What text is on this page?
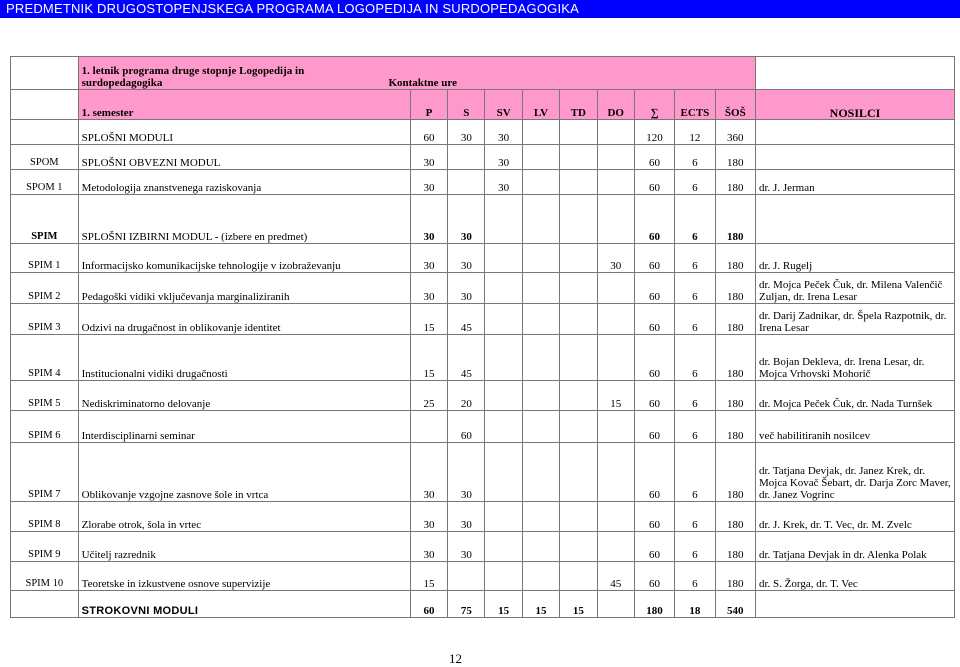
PREDMETNIK DRUGOSTOPENJSKEGA PROGRAMA LOGOPEDIJA IN SURDOPEDAGOGIKA

	1. letnik programa druge stopnje Logopedija in
surdopedagogika Kontaktne ure										

	1. semester	P	S	SV	LV	TD	DO	∑	ECTS	ŠOŠ	NOSILCI
	SPLOŠNI MODULI	60	30	30				120	12	360	
SPOM	SPLOŠNI OBVEZNI MODUL	30		30				60	6	180	
SPOM 1	Metodologija znanstvenega raziskovanja	30		30				60	6	180	dr. J. Jerman
SPIM	SPLOŠNI IZBIRNI MODUL - (izbere en predmet)	30	30					60	6	180	
SPIM 1	Informacijsko komunikacijske tehnologije v izobraževanju	30	30				30	60	6	180	dr. J. Rugelj
SPIM 2	Pedagoški vidiki vključevanja marginaliziranih	30	30					60	6	180	dr. Mojca Peček Čuk, dr. Milena Valenčič Zuljan, dr. Irena Lesar
SPIM 3	Odzivi na drugačnost in oblikovanje identitet	15	45					60	6	180	dr. Darij Zadnikar, dr. Špela Razpotnik, dr. Irena Lesar
SPIM 4	Institucionalni vidiki drugačnosti	15	45					60	6	180	dr. Bojan Dekleva, dr. Irena Lesar, dr. Mojca Vrhovski Mohorič
SPIM 5	Nediskriminatorno delovanje	25	20				15	60	6	180	dr. Mojca Peček Čuk, dr. Nada Turnšek
SPIM 6	Interdisciplinarni seminar		60					60	6	180	več habilitiranih nosilcev
SPIM 7	Oblikovanje vzgojne zasnove šole in vrtca	30	30					60	6	180	dr. Tatjana Devjak, dr. Janez Krek, dr. Mojca Kovač Šebart, dr. Darja Zorc Maver, dr. Janez Vogrinc
SPIM 8	Zlorabe otrok, šola in vrtec	30	30					60	6	180	dr. J. Krek, dr. T. Vec, dr. M. Zvelc
SPIM 9	Učitelj razrednik	30	30					60	6	180	dr. Tatjana Devjak in dr. Alenka Polak
SPIM 10	Teoretske in izkustvene osnove supervizije	15					45	60	6	180	dr. S. Žorga, dr. T. Vec
	STROKOVNI MODULI	60	75	15	15	15		180	18	540	
12
